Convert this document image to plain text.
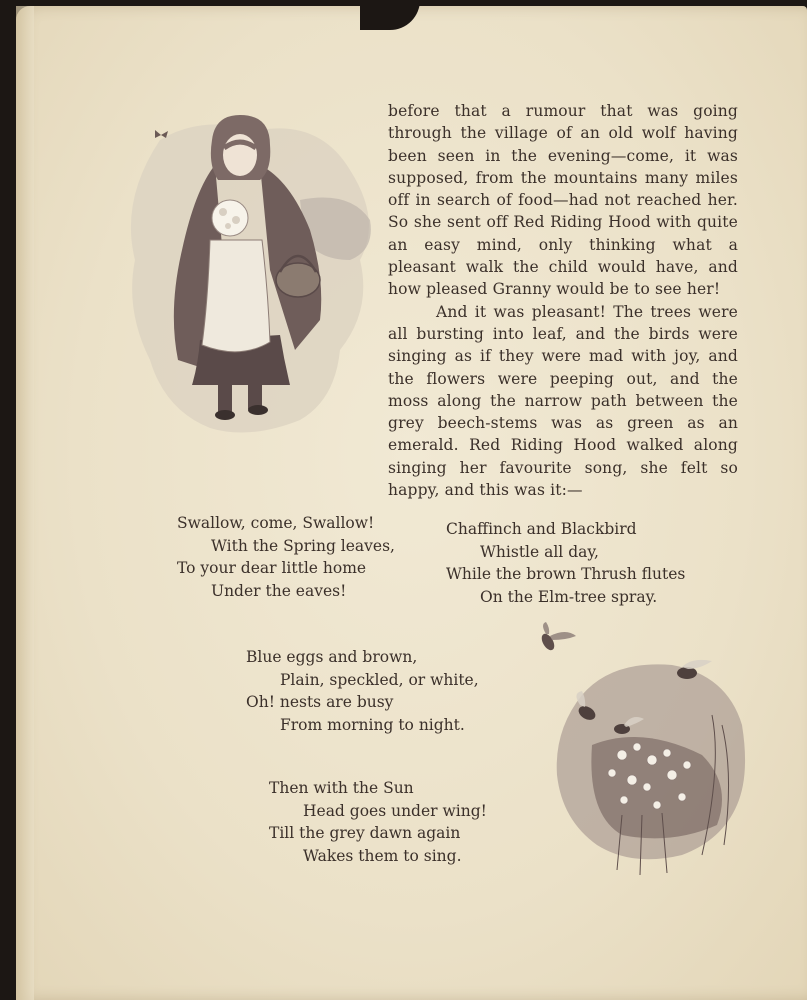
before that a rumour that was going through the village of an old wolf having been seen in the evening—come, it was supposed, from the mountains many miles off in search of food—had not reached her. So she sent off Red Riding Hood with quite an easy mind, only thinking what a pleasant walk the child would have, and how pleased Granny would be to see her!

And it was pleasant! The trees were all bursting into leaf, and the birds were singing as if they were mad with joy, and the flowers were peeping out, and the moss along the narrow path between the grey beech-stems was as green as an emerald. Red Riding Hood walked along singing her favourite song, she felt so happy, and this was it:—

Swallow, come, Swallow!
With the Spring leaves,
To your dear little home
Under the eaves!
Chaffinch and Blackbird
Whistle all day,
While the brown Thrush flutes
On the Elm-tree spray.
Blue eggs and brown,
Plain, speckled, or white,
Oh! nests are busy
From morning to night.
Then with the Sun
Head goes under wing!
Till the grey dawn again
Wakes them to sing.
